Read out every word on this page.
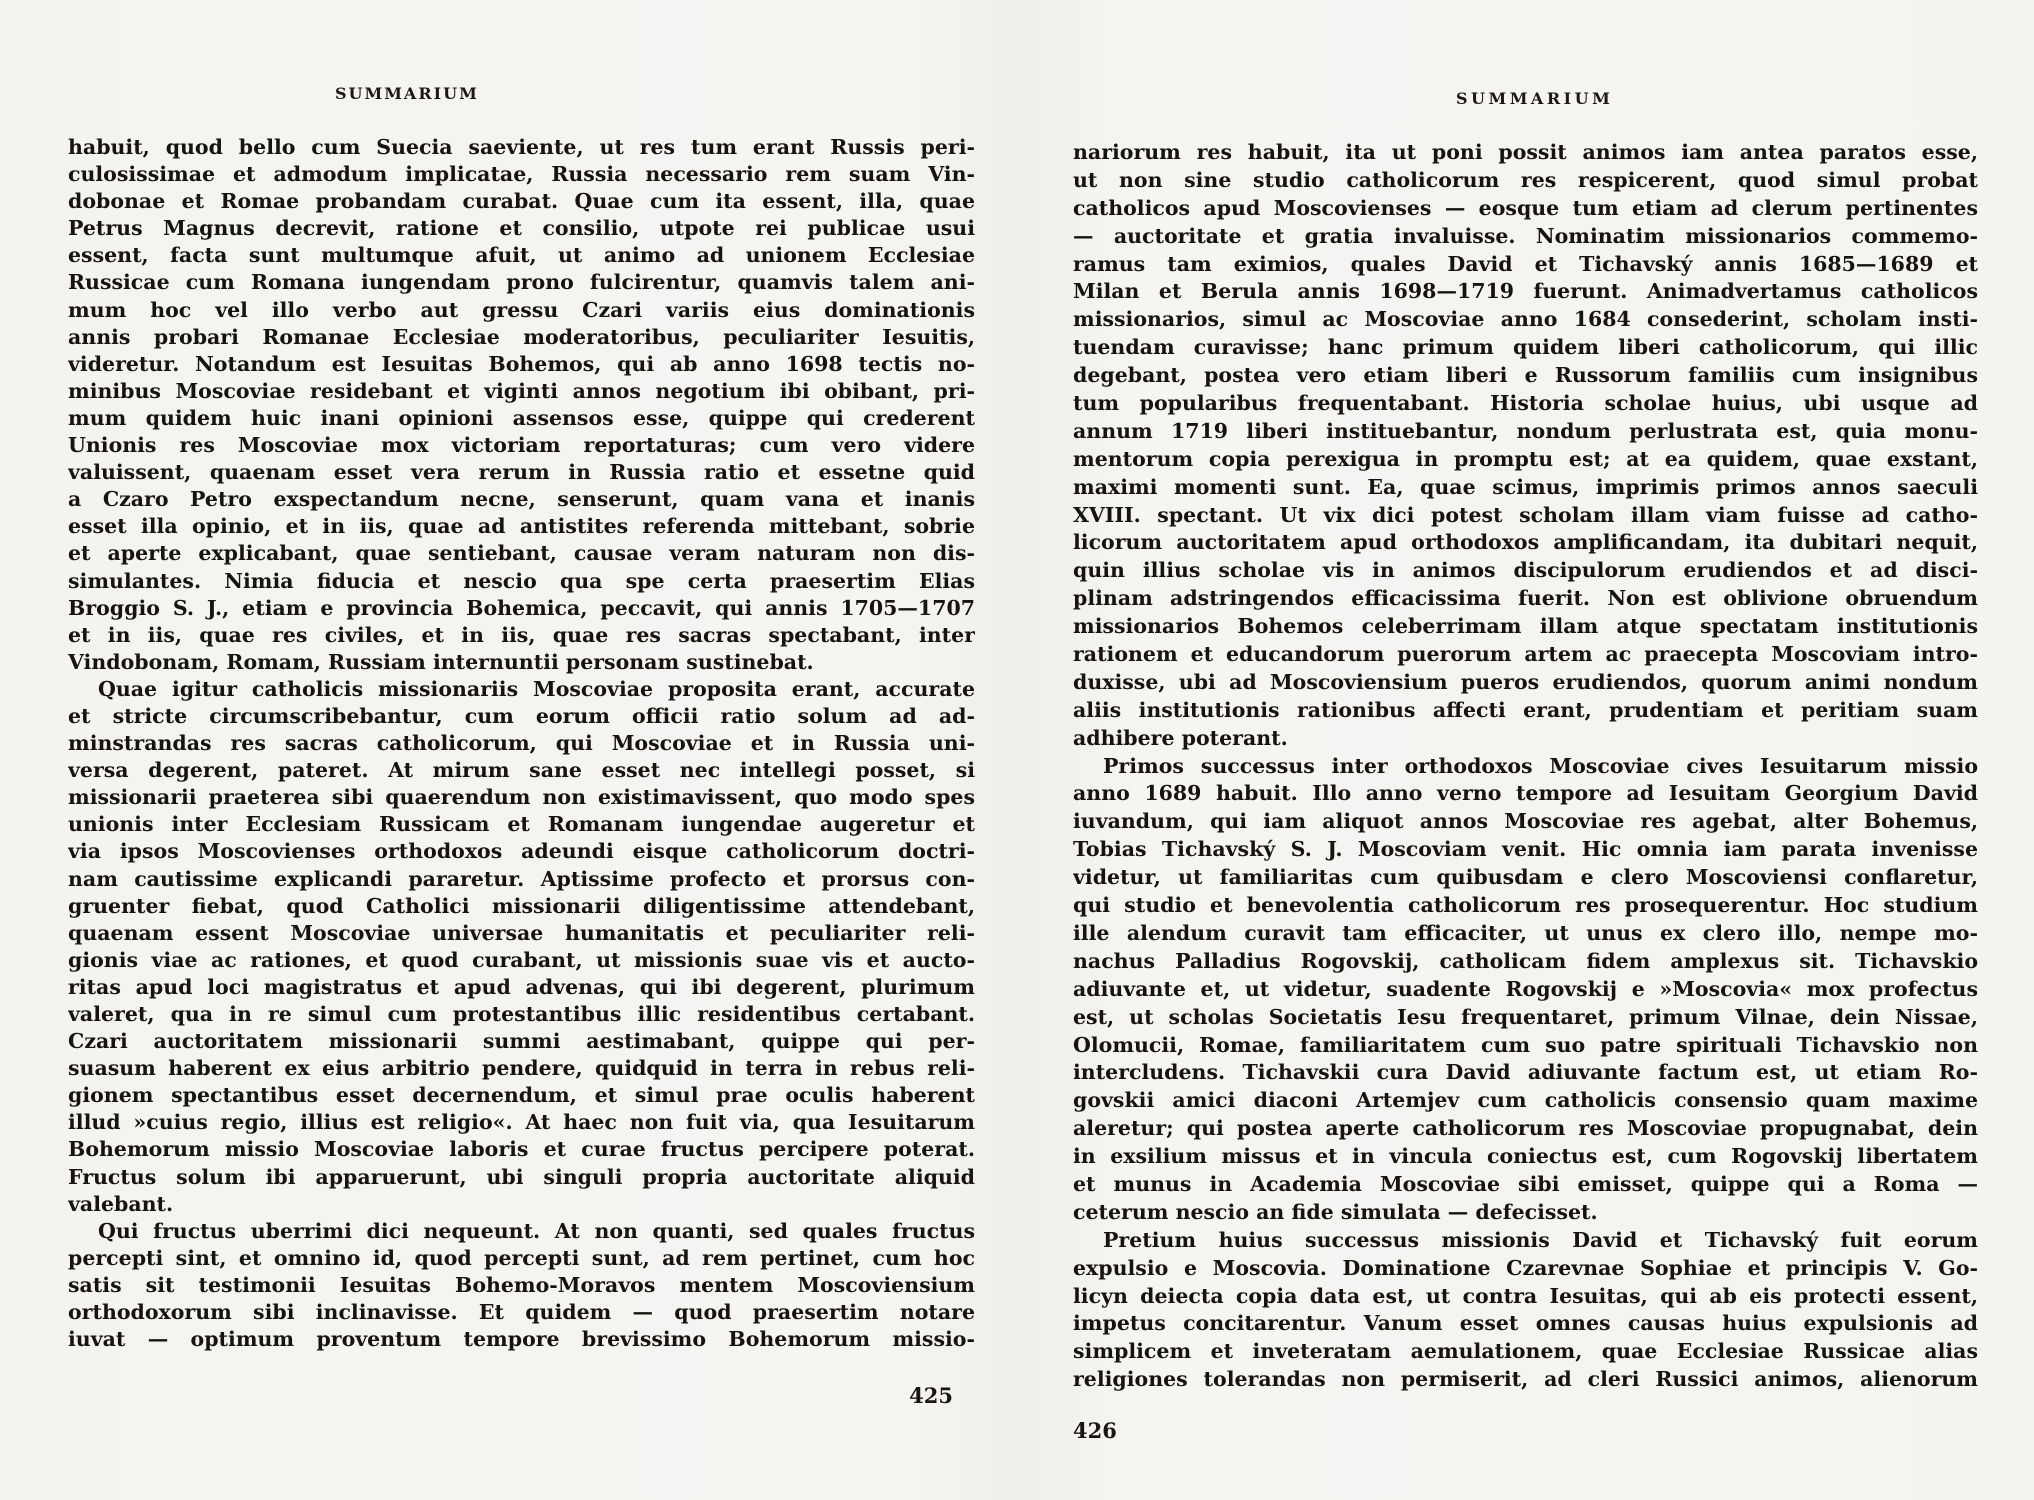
SUMMARIUM
habuit, quod bello cum Suecia saeviente, ut res tum erant Russis peri-
culosissimae et admodum implicatae, Russia necessario rem suam Vin-
dobonae et Romae probandam curabat. Quae cum ita essent, illa, quae
Petrus Magnus decrevit, ratione et consilio, utpote rei publicae usui
essent, facta sunt multumque afuit, ut animo ad unionem Ecclesiae
Russicae cum Romana iungendam prono fulcirentur, quamvis talem ani-
mum hoc vel illo verbo aut gressu Czari variis eius dominationis
annis probari Romanae Ecclesiae moderatoribus, peculiariter Iesuitis,
videretur. Notandum est Iesuitas Bohemos, qui ab anno 1698 tectis no-
minibus Moscoviae residebant et viginti annos negotium ibi obibant, pri-
mum quidem huic inani opinioni assensos esse, quippe qui crederent
Unionis res Moscoviae mox victoriam reportaturas; cum vero videre
valuissent, quaenam esset vera rerum in Russia ratio et essetne quid
a Czaro Petro exspectandum necne, senserunt, quam vana et inanis
esset illa opinio, et in iis, quae ad antistites referenda mittebant, sobrie
et aperte explicabant, quae sentiebant, causae veram naturam non dis-
simulantes. Nimia fiducia et nescio qua spe certa praesertim Elias
Broggio S. J., etiam e provincia Bohemica, peccavit, qui annis 1705—1707
et in iis, quae res civiles, et in iis, quae res sacras spectabant, inter
Vindobonam, Romam, Russiam internuntii personam sustinebat.
Quae igitur catholicis missionariis Moscoviae proposita erant, accurate
et stricte circumscribebantur, cum eorum officii ratio solum ad ad-
minstrandas res sacras catholicorum, qui Moscoviae et in Russia uni-
versa degerent, pateret. At mirum sane esset nec intellegi posset, si
missionarii praeterea sibi quaerendum non existimavissent, quo modo spes
unionis inter Ecclesiam Russicam et Romanam iungendae augeretur et
via ipsos Moscovienses orthodoxos adeundi eisque catholicorum doctri-
nam cautissime explicandi pararetur. Aptissime profecto et prorsus con-
gruenter fiebat, quod Catholici missionarii diligentissime attendebant,
quaenam essent Moscoviae universae humanitatis et peculiariter reli-
gionis viae ac rationes, et quod curabant, ut missionis suae vis et aucto-
ritas apud loci magistratus et apud advenas, qui ibi degerent, plurimum
valeret, qua in re simul cum protestantibus illic residentibus certabant.
Czari auctoritatem missionarii summi aestimabant, quippe qui per-
suasum haberent ex eius arbitrio pendere, quidquid in terra in rebus reli-
gionem spectantibus esset decernendum, et simul prae oculis haberent
illud »cuius regio, illius est religio«. At haec non fuit via, qua Iesuitarum
Bohemorum missio Moscoviae laboris et curae fructus percipere poterat.
Fructus solum ibi apparuerunt, ubi singuli propria auctoritate aliquid
valebant.
Qui fructus uberrimi dici nequeunt. At non quanti, sed quales fructus
percepti sint, et omnino id, quod percepti sunt, ad rem pertinet, cum hoc
satis sit testimonii Iesuitas Bohemo-Moravos mentem Moscoviensium
orthodoxorum sibi inclinavisse. Et quidem — quod praesertim notare
iuvat — optimum proventum tempore brevissimo Bohemorum missio-
425
SUMMARIUM
nariorum res habuit, ita ut poni possit animos iam antea paratos esse,
ut non sine studio catholicorum res respicerent, quod simul probat
catholicos apud Moscovienses — eosque tum etiam ad clerum pertinentes
— auctoritate et gratia invaluisse. Nominatim missionarios commemo-
ramus tam eximios, quales David et Tichavský annis 1685—1689 et
Milan et Berula annis 1698—1719 fuerunt. Animadvertamus catholicos
missionarios, simul ac Moscoviae anno 1684 consederint, scholam insti-
tuendam curavisse; hanc primum quidem liberi catholicorum, qui illic
degebant, postea vero etiam liberi e Russorum familiis cum insignibus
tum popularibus frequentabant. Historia scholae huius, ubi usque ad
annum 1719 liberi instituebantur, nondum perlustrata est, quia monu-
mentorum copia perexigua in promptu est; at ea quidem, quae exstant,
maximi momenti sunt. Ea, quae scimus, imprimis primos annos saeculi
XVIII. spectant. Ut vix dici potest scholam illam viam fuisse ad catho-
licorum auctoritatem apud orthodoxos amplificandam, ita dubitari nequit,
quin illius scholae vis in animos discipulorum erudiendos et ad disci-
plinam adstringendos efficacissima fuerit. Non est oblivione obruendum
missionarios Bohemos celeberrimam illam atque spectatam institutionis
rationem et educandorum puerorum artem ac praecepta Moscoviam intro-
duxisse, ubi ad Moscoviensium pueros erudiendos, quorum animi nondum
aliis institutionis rationibus affecti erant, prudentiam et peritiam suam
adhibere poterant.
Primos successus inter orthodoxos Moscoviae cives Iesuitarum missio
anno 1689 habuit. Illo anno verno tempore ad Iesuitam Georgium David
iuvandum, qui iam aliquot annos Moscoviae res agebat, alter Bohemus,
Tobias Tichavský S. J. Moscoviam venit. Hic omnia iam parata invenisse
videtur, ut familiaritas cum quibusdam e clero Moscoviensi conflaretur,
qui studio et benevolentia catholicorum res prosequerentur. Hoc studium
ille alendum curavit tam efficaciter, ut unus ex clero illo, nempe mo-
nachus Palladius Rogovskij, catholicam fidem amplexus sit. Tichavskio
adiuvante et, ut videtur, suadente Rogovskij e »Moscovia« mox profectus
est, ut scholas Societatis Iesu frequentaret, primum Vilnae, dein Nissae,
Olomucii, Romae, familiaritatem cum suo patre spirituali Tichavskio non
intercludens. Tichavskii cura David adiuvante factum est, ut etiam Ro-
govskii amici diaconi Artemjev cum catholicis consensio quam maxime
aleretur; qui postea aperte catholicorum res Moscoviae propugnabat, dein
in exsilium missus et in vincula coniectus est, cum Rogovskij libertatem
et munus in Academia Moscoviae sibi emisset, quippe qui a Roma —
ceterum nescio an fide simulata — defecisset.
Pretium huius successus missionis David et Tichavský fuit eorum
expulsio e Moscovia. Dominatione Czarevnae Sophiae et principis V. Go-
licyn deiecta copia data est, ut contra Iesuitas, qui ab eis protecti essent,
impetus concitarentur. Vanum esset omnes causas huius expulsionis ad
simplicem et inveteratam aemulationem, quae Ecclesiae Russicae alias
religiones tolerandas non permiserit, ad cleri Russici animos, alienorum
426
